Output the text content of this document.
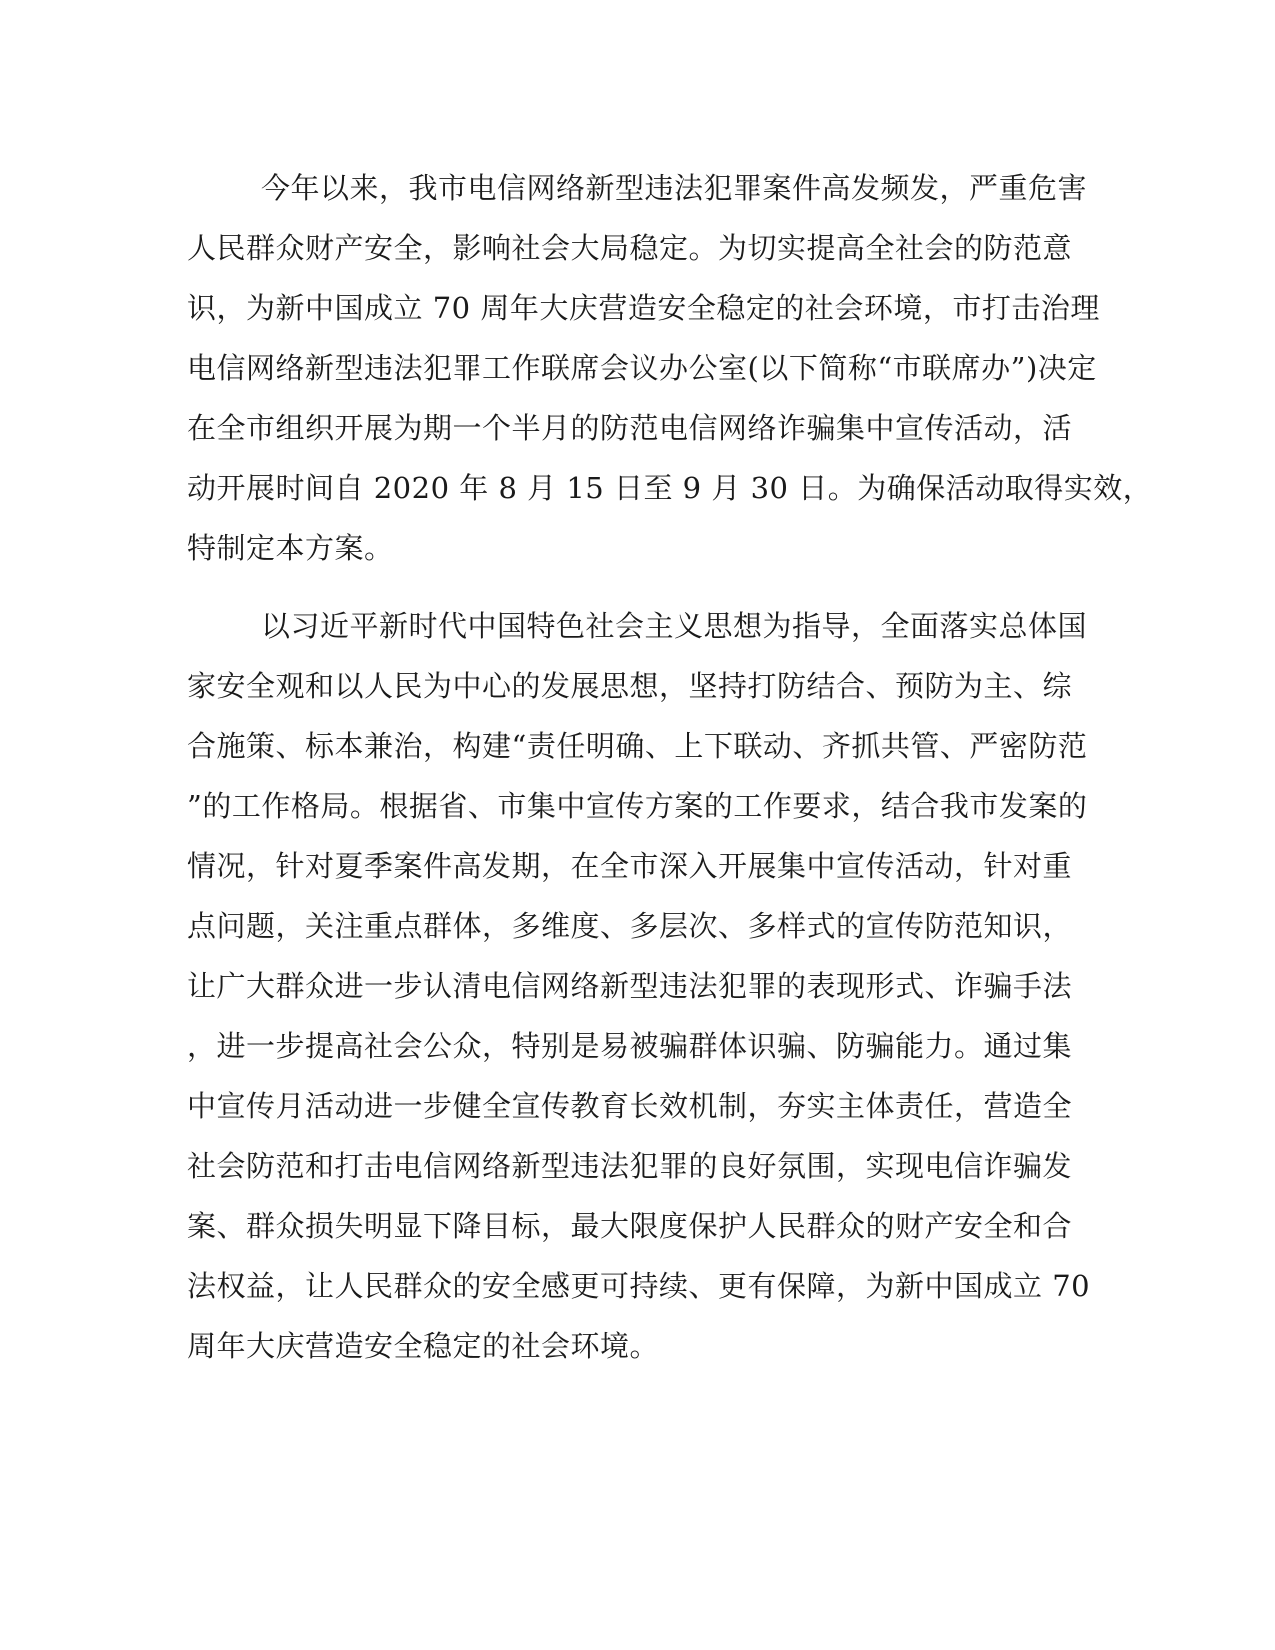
今年以来，我市电信网络新型违法犯罪案件高发频发，严重危害
人民群众财产安全，影响社会大局稳定。为切实提高全社会的防范意
识，为新中国成立 70 周年大庆营造安全稳定的社会环境，市打击治理
电信网络新型违法犯罪工作联席会议办公室(以下简称“市联席办”)决定
在全市组织开展为期一个半月的防范电信网络诈骗集中宣传活动，活
动开展时间自 2020 年 8 月 15 日至 9 月 30 日。为确保活动取得实效，
特制定本方案。
以习近平新时代中国特色社会主义思想为指导，全面落实总体国
家安全观和以人民为中心的发展思想，坚持打防结合、预防为主、综
合施策、标本兼治，构建“责任明确、上下联动、齐抓共管、严密防范
”的工作格局。根据省、市集中宣传方案的工作要求，结合我市发案的
情况，针对夏季案件高发期，在全市深入开展集中宣传活动，针对重
点问题，关注重点群体，多维度、多层次、多样式的宣传防范知识，
让广大群众进一步认清电信网络新型违法犯罪的表现形式、诈骗手法
，进一步提高社会公众，特别是易被骗群体识骗、防骗能力。通过集
中宣传月活动进一步健全宣传教育长效机制，夯实主体责任，营造全
社会防范和打击电信网络新型违法犯罪的良好氛围，实现电信诈骗发
案、群众损失明显下降目标，最大限度保护人民群众的财产安全和合
法权益，让人民群众的安全感更可持续、更有保障，为新中国成立 70
周年大庆营造安全稳定的社会环境。
